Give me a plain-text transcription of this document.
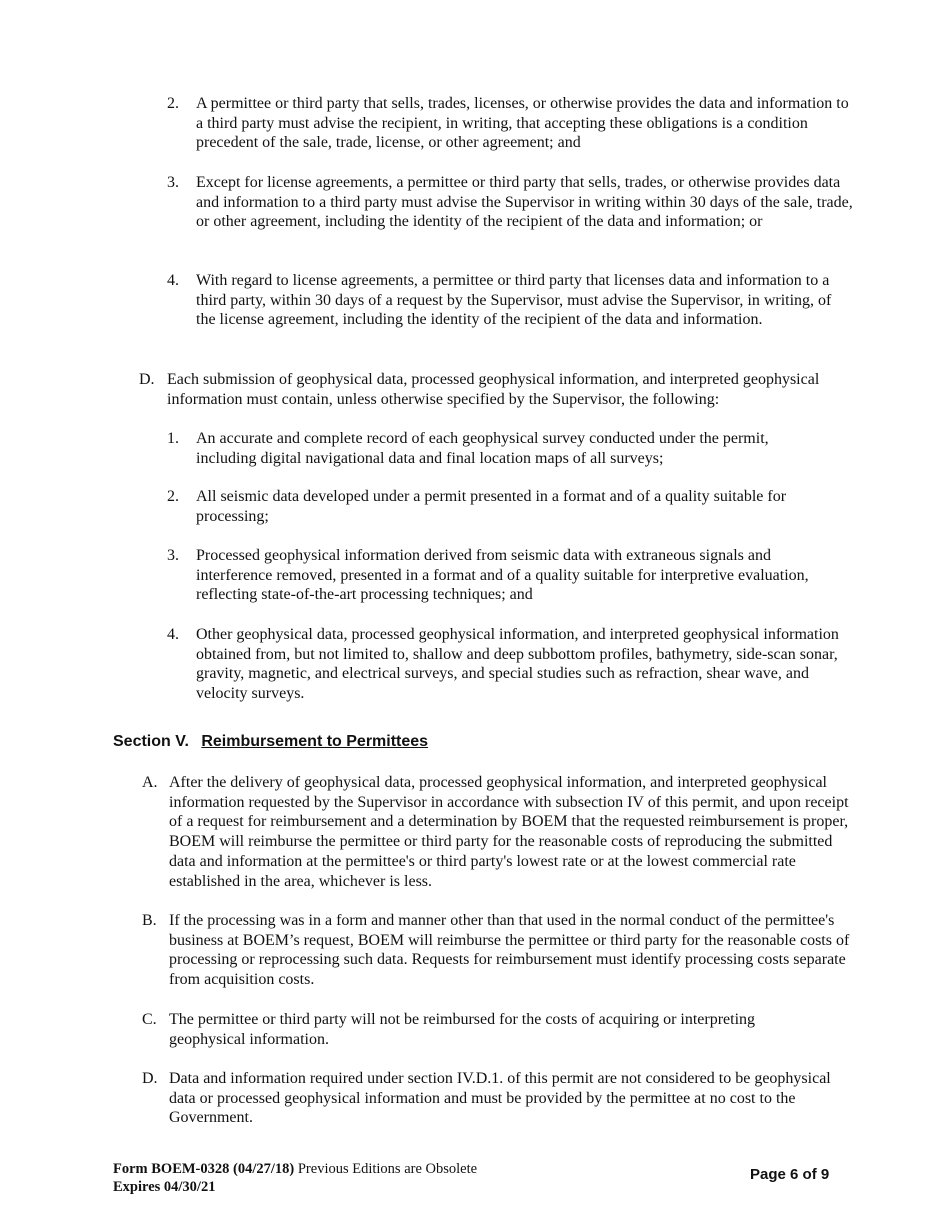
2. A permittee or third party that sells, trades, licenses, or otherwise provides the data and information to a third party must advise the recipient, in writing, that accepting these obligations is a condition precedent of the sale, trade, license, or other agreement; and
3. Except for license agreements, a permittee or third party that sells, trades, or otherwise provides data and information to a third party must advise the Supervisor in writing within 30 days of the sale, trade, or other agreement, including the identity of the recipient of the data and information; or
4. With regard to license agreements, a permittee or third party that licenses data and information to a third party, within 30 days of a request by the Supervisor, must advise the Supervisor, in writing, of the license agreement, including the identity of the recipient of the data and information.
D. Each submission of geophysical data, processed geophysical information, and interpreted geophysical information must contain, unless otherwise specified by the Supervisor, the following:
1. An accurate and complete record of each geophysical survey conducted under the permit, including digital navigational data and final location maps of all surveys;
2. All seismic data developed under a permit presented in a format and of a quality suitable for processing;
3. Processed geophysical information derived from seismic data with extraneous signals and interference removed, presented in a format and of a quality suitable for interpretive evaluation, reflecting state-of-the-art processing techniques; and
4. Other geophysical data, processed geophysical information, and interpreted geophysical information obtained from, but not limited to, shallow and deep subbottom profiles, bathymetry, side-scan sonar, gravity, magnetic, and electrical surveys, and special studies such as refraction, shear wave, and velocity surveys.
Section V. Reimbursement to Permittees
A. After the delivery of geophysical data, processed geophysical information, and interpreted geophysical information requested by the Supervisor in accordance with subsection IV of this permit, and upon receipt of a request for reimbursement and a determination by BOEM that the requested reimbursement is proper, BOEM will reimburse the permittee or third party for the reasonable costs of reproducing the submitted data and information at the permittee's or third party's lowest rate or at the lowest commercial rate established in the area, whichever is less.
B. If the processing was in a form and manner other than that used in the normal conduct of the permittee's business at BOEM’s request, BOEM will reimburse the permittee or third party for the reasonable costs of processing or reprocessing such data. Requests for reimbursement must identify processing costs separate from acquisition costs.
C. The permittee or third party will not be reimbursed for the costs of acquiring or interpreting geophysical information.
D. Data and information required under section IV.D.1. of this permit are not considered to be geophysical data or processed geophysical information and must be provided by the permittee at no cost to the Government.
Form BOEM-0328 (04/27/18) Previous Editions are Obsolete
Expires 04/30/21
Page 6 of 9
